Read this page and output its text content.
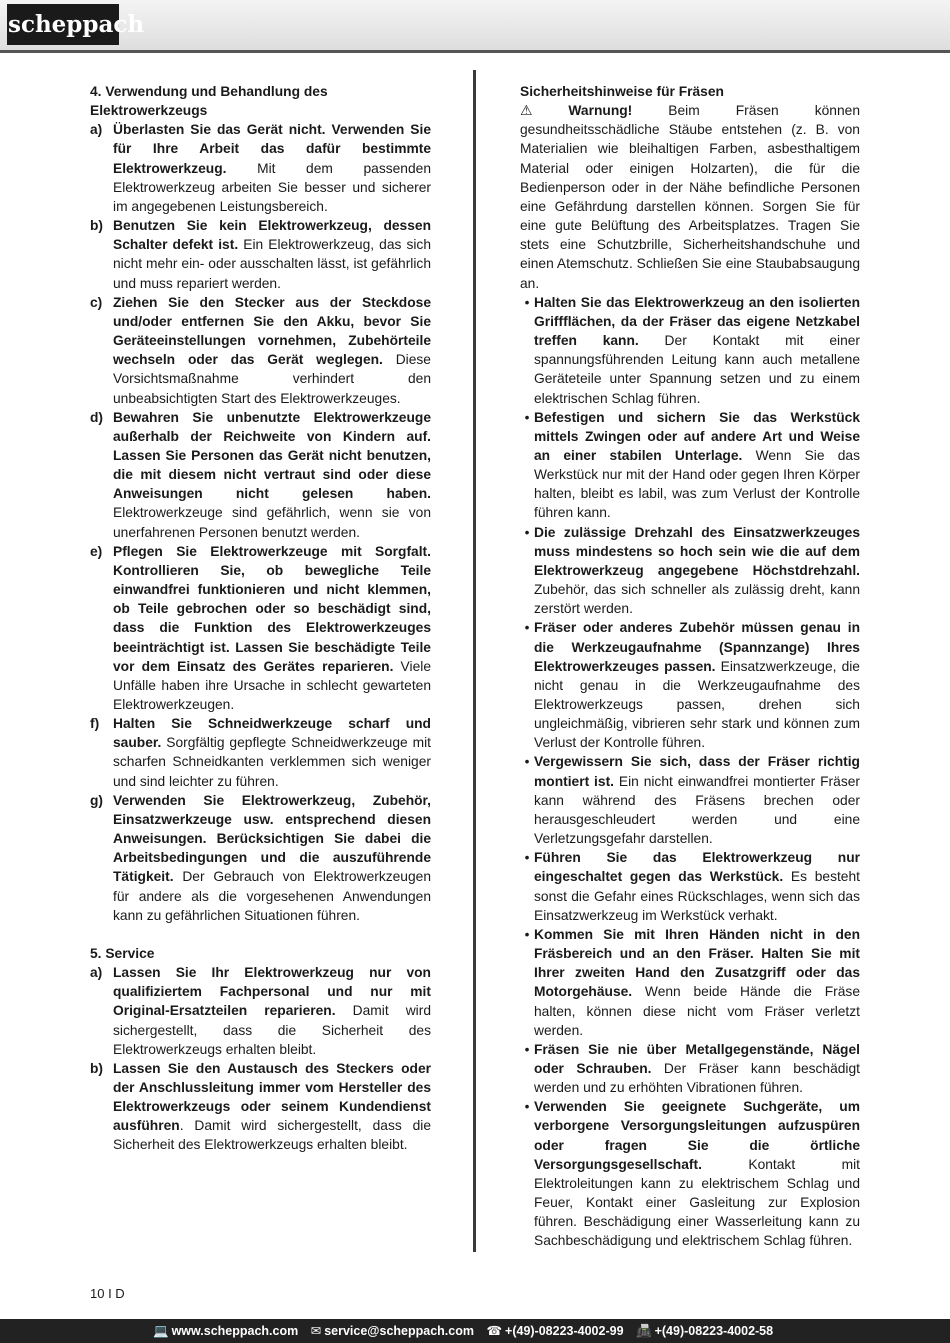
scheppach
4. Verwendung und Behandlung des Elektrowerkzeugs
a) Überlasten Sie das Gerät nicht. Verwenden Sie für Ihre Arbeit das dafür bestimmte Elektrowerkzeug. Mit dem passenden Elektrowerkzeug arbeiten Sie besser und sicherer im angegebenen Leistungsbereich.
b) Benutzen Sie kein Elektrowerkzeug, dessen Schalter defekt ist. Ein Elektrowerkzeug, das sich nicht mehr ein- oder ausschalten lässt, ist gefährlich und muss repariert werden.
c) Ziehen Sie den Stecker aus der Steckdose und/oder entfernen Sie den Akku, bevor Sie Geräteeinstellungen vornehmen, Zubehörteile wechseln oder das Gerät weglegen. Diese Vorsichtsmaßnahme verhindert den unbeabsichtigten Start des Elektrowerkzeuges.
d) Bewahren Sie unbenutzte Elektrowerkzeuge außerhalb der Reichweite von Kindern auf. Lassen Sie Personen das Gerät nicht benutzen, die mit diesem nicht vertraut sind oder diese Anweisungen nicht gelesen haben. Elektrowerkzeuge sind gefährlich, wenn sie von unerfahrenen Personen benutzt werden.
e) Pflegen Sie Elektrowerkzeuge mit Sorgfalt. Kontrollieren Sie, ob bewegliche Teile einwandfrei funktionieren und nicht klemmen, ob Teile gebrochen oder so beschädigt sind, dass die Funktion des Elektrowerkzeuges beeinträchtigt ist. Lassen Sie beschädigte Teile vor dem Einsatz des Gerätes reparieren. Viele Unfälle haben ihre Ursache in schlecht gewarteten Elektrowerkzeugen.
f) Halten Sie Schneidwerkzeuge scharf und sauber. Sorgfältig gepflegte Schneidwerkzeuge mit scharfen Schneidkanten verklemmen sich weniger und sind leichter zu führen.
g) Verwenden Sie Elektrowerkzeug, Zubehör, Einsatzwerkzeuge usw. entsprechend diesen Anweisungen. Berücksichtigen Sie dabei die Arbeitsbedingungen und die auszuführende Tätigkeit. Der Gebrauch von Elektrowerkzeugen für andere als die vorgesehenen Anwendungen kann zu gefährlichen Situationen führen.
5. Service
a) Lassen Sie Ihr Elektrowerkzeug nur von qualifiziertem Fachpersonal und nur mit Original-Ersatzteilen reparieren. Damit wird sichergestellt, dass die Sicherheit des Elektrowerkzeugs erhalten bleibt.
b) Lassen Sie den Austausch des Steckers oder der Anschlussleitung immer vom Hersteller des Elektrowerkzeugs oder seinem Kundendienst ausführen. Damit wird sichergestellt, dass die Sicherheit des Elektrowerkzeugs erhalten bleibt.
Sicherheitshinweise für Fräsen
⚠	Warnung! Beim Fräsen können gesundheitsschädliche Stäube entstehen (z. B. von Materialien wie bleihaltigen Farben, asbesthaltigem Material oder einigen Holzarten), die für die Bedienperson oder in der Nähe befindliche Personen eine Gefährdung darstellen können. Sorgen Sie für eine gute Belüftung des Arbeitsplatzes. Tragen Sie stets eine Schutzbrille, Sicherheitshandschuhe und einen Atemschutz. Schließen Sie eine Staubabsaugung an.
• Halten Sie das Elektrowerkzeug an den isolierten Griffflächen, da der Fräser das eigene Netzkabel treffen kann. Der Kontakt mit einer spannungsführenden Leitung kann auch metallene Geräteteile unter Spannung setzen und zu einem elektrischen Schlag führen.
• Befestigen und sichern Sie das Werkstück mittels Zwingen oder auf andere Art und Weise an einer stabilen Unterlage. Wenn Sie das Werkstück nur mit der Hand oder gegen Ihren Körper halten, bleibt es labil, was zum Verlust der Kontrolle führen kann.
• Die zulässige Drehzahl des Einsatzwerkzeuges muss mindestens so hoch sein wie die auf dem Elektrowerkzeug angegebene Höchstdrehzahl. Zubehör, das sich schneller als zulässig dreht, kann zerstört werden.
• Fräser oder anderes Zubehör müssen genau in die Werkzeugaufnahme (Spannzange) Ihres Elektrowerkzeuges passen. Einsatzwerkzeuge, die nicht genau in die Werkzeugaufnahme des Elektrowerkzeugs passen, drehen sich ungleichmäßig, vibrieren sehr stark und können zum Verlust der Kontrolle führen.
• Vergewissern Sie sich, dass der Fräser richtig montiert ist. Ein nicht einwandfrei montierter Fräser kann während des Fräsens brechen oder herausgeschleudert werden und eine Verletzungsgefahr darstellen.
• Führen Sie das Elektrowerkzeug nur eingeschaltet gegen das Werkstück. Es besteht sonst die Gefahr eines Rückschlages, wenn sich das Einsatzwerkzeug im Werkstück verhakt.
• Kommen Sie mit Ihren Händen nicht in den Fräsbereich und an den Fräser. Halten Sie mit Ihrer zweiten Hand den Zusatzgriff oder das Motorgehäuse. Wenn beide Hände die Fräse halten, können diese nicht vom Fräser verletzt werden.
• Fräsen Sie nie über Metallgegenstände, Nägel oder Schrauben. Der Fräser kann beschädigt werden und zu erhöhten Vibrationen führen.
• Verwenden Sie geeignete Suchgeräte, um verborgene Versorgungsleitungen aufzuspüren oder fragen Sie die örtliche Versorgungsgesellschaft. Kontakt mit Elektroleitungen kann zu elektrischem Schlag und Feuer, Kontakt einer Gasleitung zur Explosion führen. Beschädigung einer Wasserleitung kann zu Sachbeschädigung und elektrischem Schlag führen.
10 I D
💻 www.scheppach.com ✉ service@scheppach.com ☎ +(49)-08223-4002-99 📠 +(49)-08223-4002-58
